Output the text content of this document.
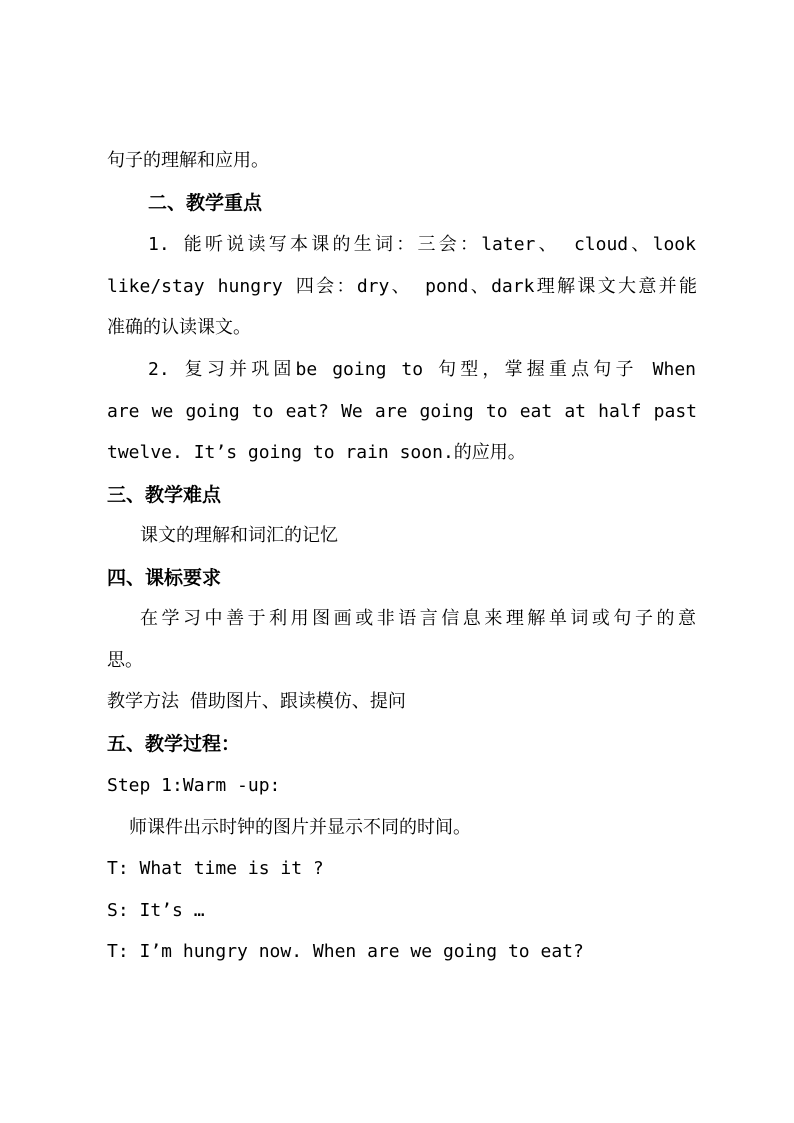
句子的理解和应用。
二、教学重点
1. 能听说读写本课的生词：三会：later、 cloud、look
like/stay hungry 四会：dry、 pond、dark理解课文大意并能
准确的认读课文。
2. 复习并巩固be going to 句型，掌握重点句子 When
are we going to eat? We are going to eat at half past
twelve. It’s going to rain soon.的应用。
三、教学难点
课文的理解和词汇的记忆
四、课标要求
在学习中善于利用图画或非语言信息来理解单词或句子的意
思。
教学方法 借助图片、跟读模仿、提问
五、教学过程：
Step 1:Warm -up:
师课件出示时钟的图片并显示不同的时间。
T: What time is it ?
S: It’s …
T: I’m hungry now. When are we going to eat?
